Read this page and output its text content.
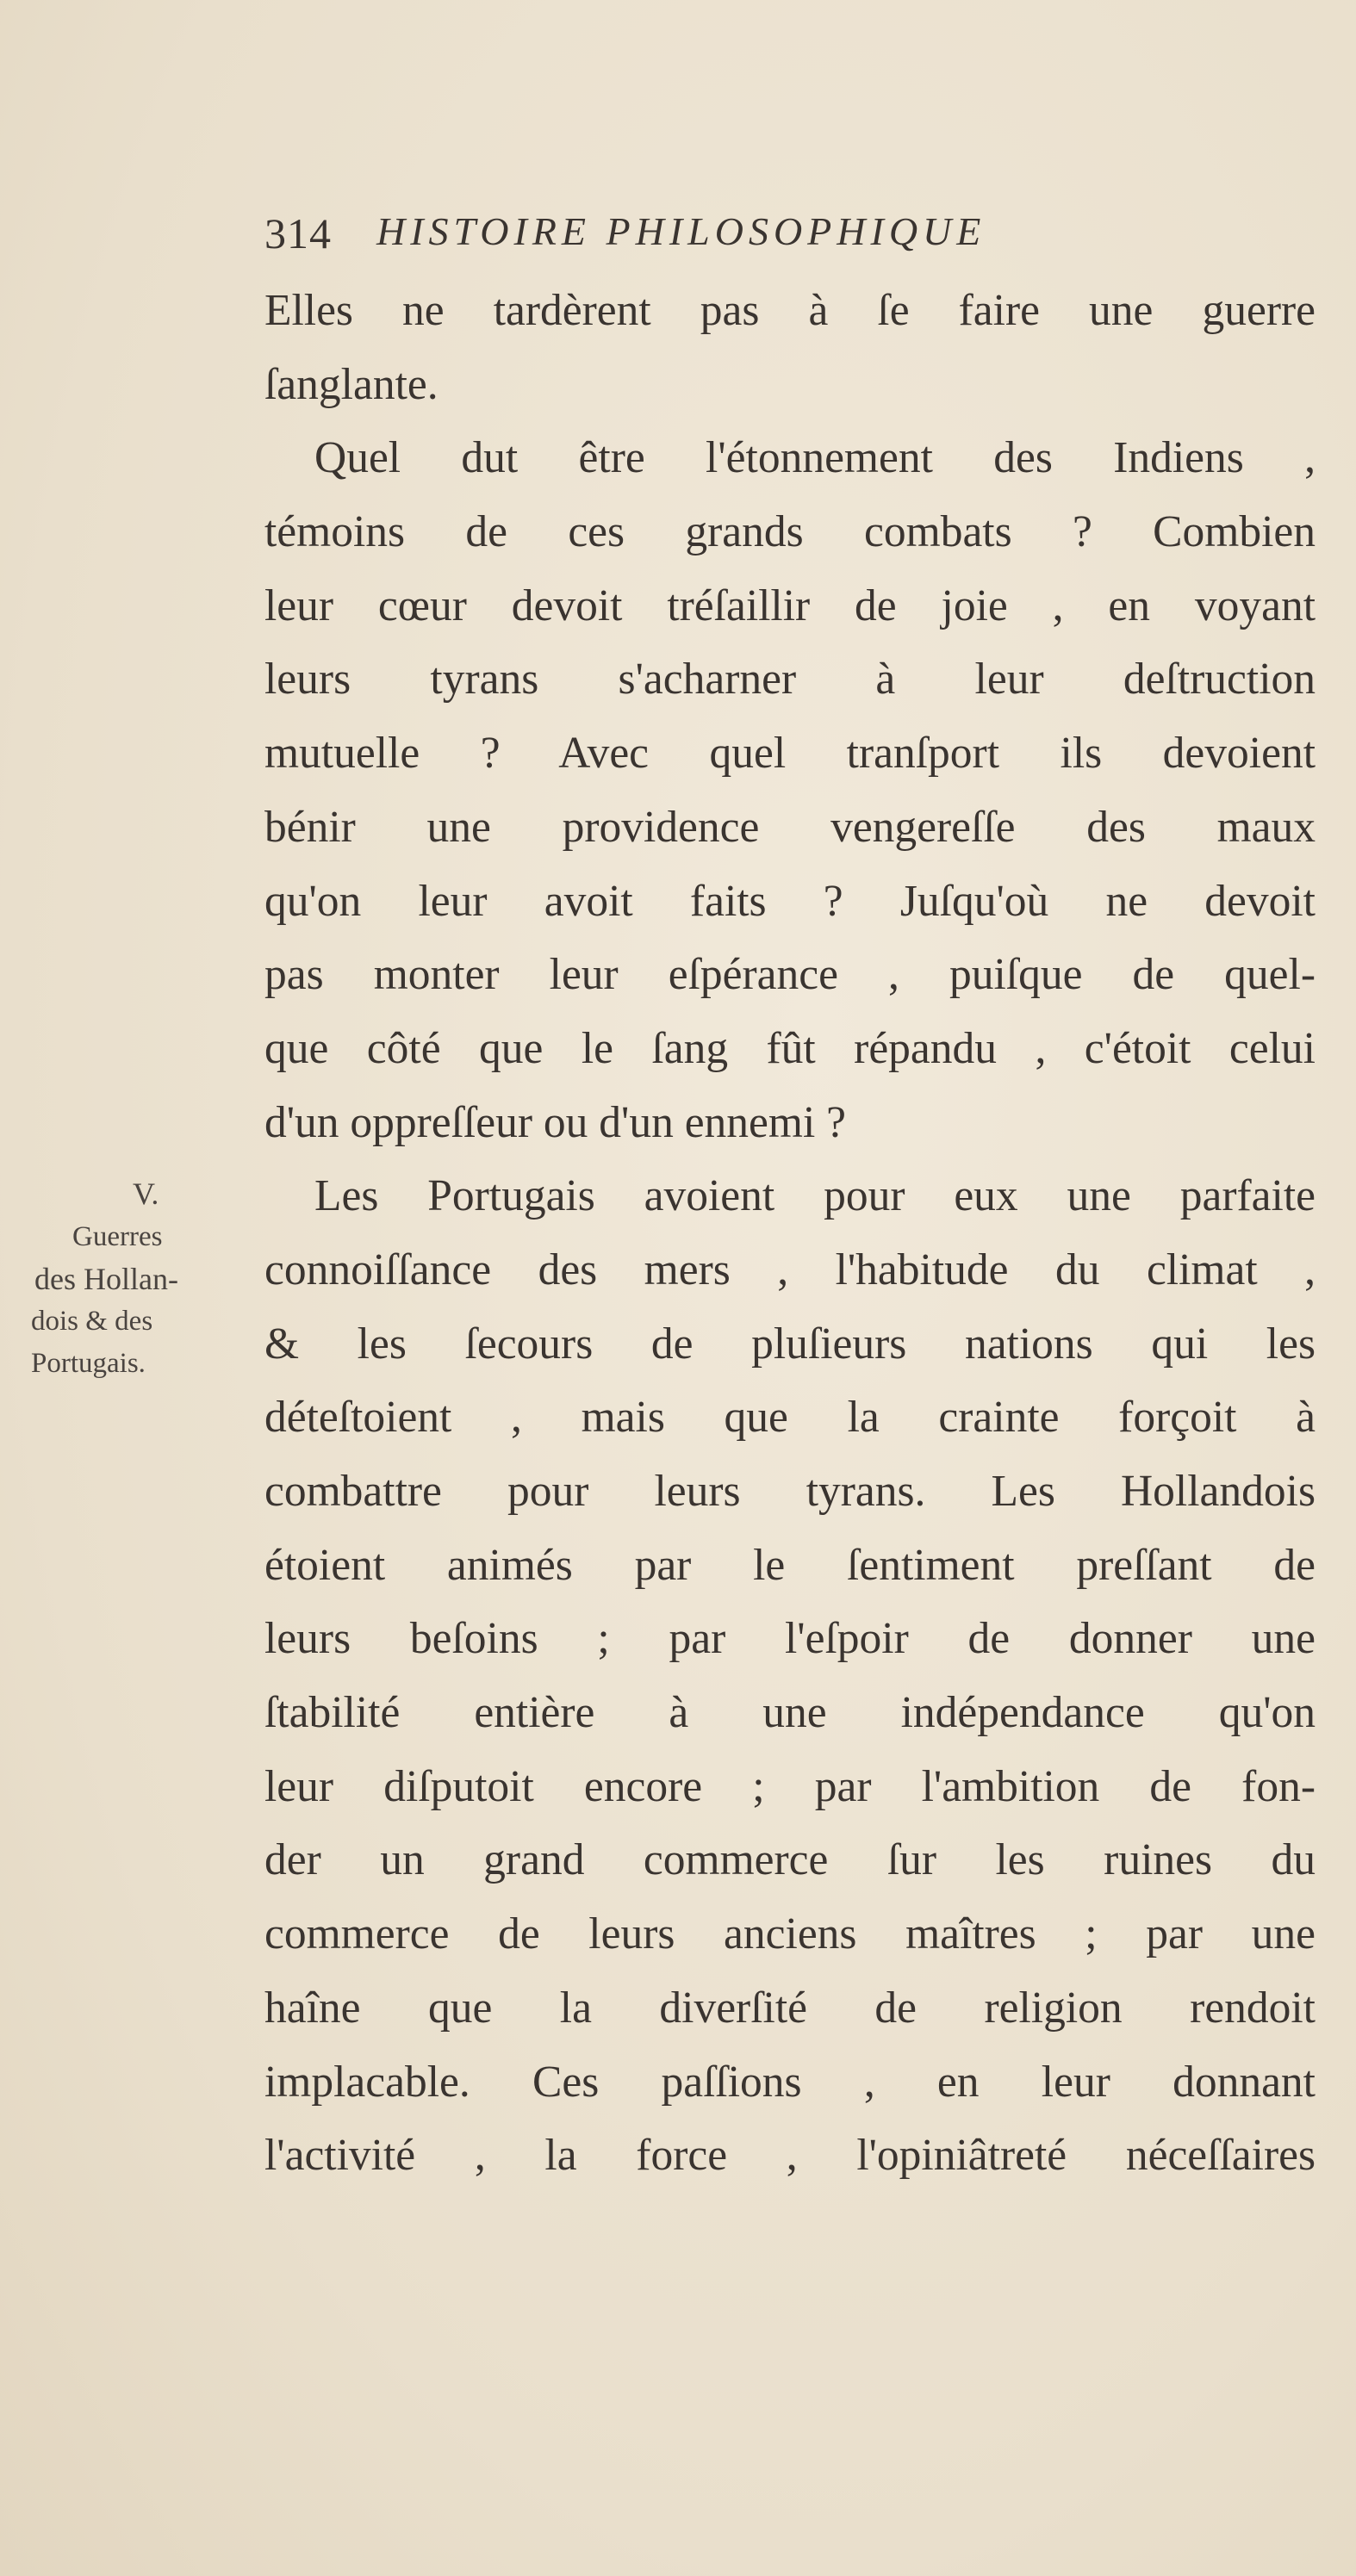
314 HISTOIRE PHILOSOPHIQUE
Elles ne tardèrent pas à ſe faire une guerre
ſanglante.
Quel dut être l'étonnement des Indiens ,
témoins de ces grands combats ? Combien
leur cœur devoit tréſaillir de joie , en voyant
leurs tyrans s'acharner à leur deſtruction
mutuelle ? Avec quel tranſport ils devoient
bénir une providence vengereſſe des maux
qu'on leur avoit faits ? Juſqu'où ne devoit
pas monter leur eſpérance , puiſque de quel-
que côté que le ſang fût répandu , c'étoit celui
d'un oppreſſeur ou d'un ennemi ?
Les Portugais avoient pour eux une parfaite
connoiſſance des mers , l'habitude du climat ,
& les ſecours de pluſieurs nations qui les
déteſtoient , mais que la crainte forçoit à
combattre pour leurs tyrans. Les Hollandois
étoient animés par le ſentiment preſſant de
leurs beſoins ; par l'eſpoir de donner une
ſtabilité entière à une indépendance qu'on
leur diſputoit encore ; par l'ambition de fon-
der un grand commerce ſur les ruines du
commerce de leurs anciens maîtres ; par une
haîne que la diverſité de religion rendoit
implacable. Ces paſſions , en leur donnant
l'activité , la force , l'opiniâtreté néceſſaires
V.
Guerres
des Hollan-
dois & des
Portugais.
